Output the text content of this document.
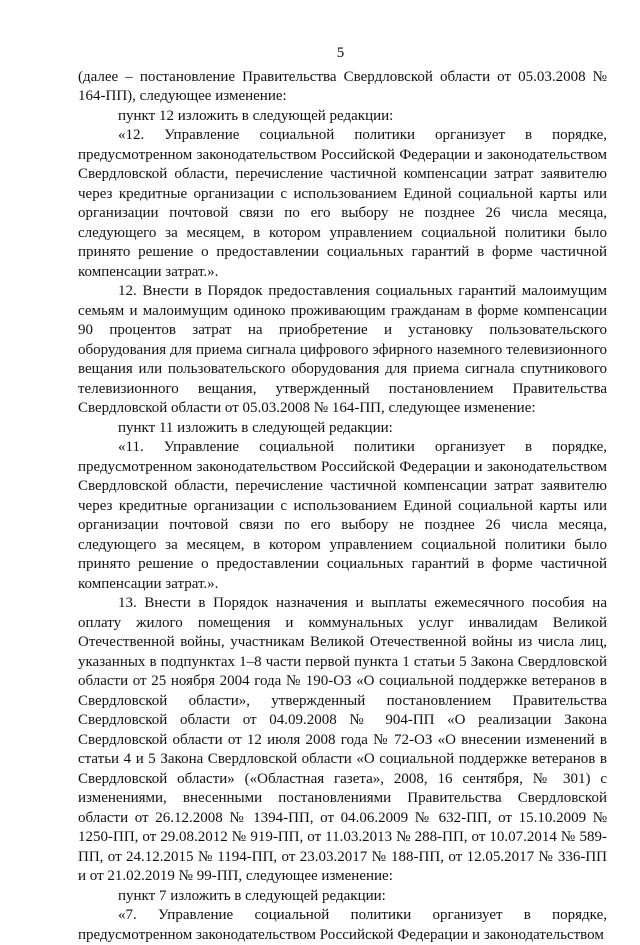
5

(далее – постановление Правительства Свердловской области от 05.03.2008 № 164-ПП), следующее изменение:

пункт 12 изложить в следующей редакции:

«12. Управление социальной политики организует в порядке, предусмотренном законодательством Российской Федерации и законодательством Свердловской области, перечисление частичной компенсации затрат заявителю через кредитные организации с использованием Единой социальной карты или организации почтовой связи по его выбору не позднее 26 числа месяца, следующего за месяцем, в котором управлением социальной политики было принято решение о предоставлении социальных гарантий в форме частичной компенсации затрат.».

12. Внести в Порядок предоставления социальных гарантий малоимущим семьям и малоимущим одиноко проживающим гражданам в форме компенсации 90 процентов затрат на приобретение и установку пользовательского оборудования для приема сигнала цифрового эфирного наземного телевизионного вещания или пользовательского оборудования для приема сигнала спутникового телевизионного вещания, утвержденный постановлением Правительства Свердловской области от 05.03.2008 № 164-ПП, следующее изменение:

пункт 11 изложить в следующей редакции:

«11. Управление социальной политики организует в порядке, предусмотренном законодательством Российской Федерации и законодательством Свердловской области, перечисление частичной компенсации затрат заявителю через кредитные организации с использованием Единой социальной карты или организации почтовой связи по его выбору не позднее 26 числа месяца, следующего за месяцем, в котором управлением социальной политики было принято решение о предоставлении социальных гарантий в форме частичной компенсации затрат.».

13. Внести в Порядок назначения и выплаты ежемесячного пособия на оплату жилого помещения и коммунальных услуг инвалидам Великой Отечественной войны, участникам Великой Отечественной войны из числа лиц, указанных в подпунктах 1–8 части первой пункта 1 статьи 5 Закона Свердловской области от 25 ноября 2004 года № 190-ОЗ «О социальной поддержке ветеранов в Свердловской области», утвержденный постановлением Правительства Свердловской области от 04.09.2008 № 904-ПП «О реализации Закона Свердловской области от 12 июля 2008 года № 72-ОЗ «О внесении изменений в статьи 4 и 5 Закона Свердловской области «О социальной поддержке ветеранов в Свердловской области» («Областная газета», 2008, 16 сентября, № 301) с изменениями, внесенными постановлениями Правительства Свердловской области от 26.12.2008 № 1394-ПП, от 04.06.2009 № 632-ПП, от 15.10.2009 № 1250-ПП, от 29.08.2012 № 919-ПП, от 11.03.2013 № 288-ПП, от 10.07.2014 № 589-ПП, от 24.12.2015 № 1194-ПП, от 23.03.2017 № 188-ПП, от 12.05.2017 № 336-ПП и от 21.02.2019 № 99-ПП, следующее изменение:

пункт 7 изложить в следующей редакции:

«7. Управление социальной политики организует в порядке, предусмотренном законодательством Российской Федерации и законодательством
